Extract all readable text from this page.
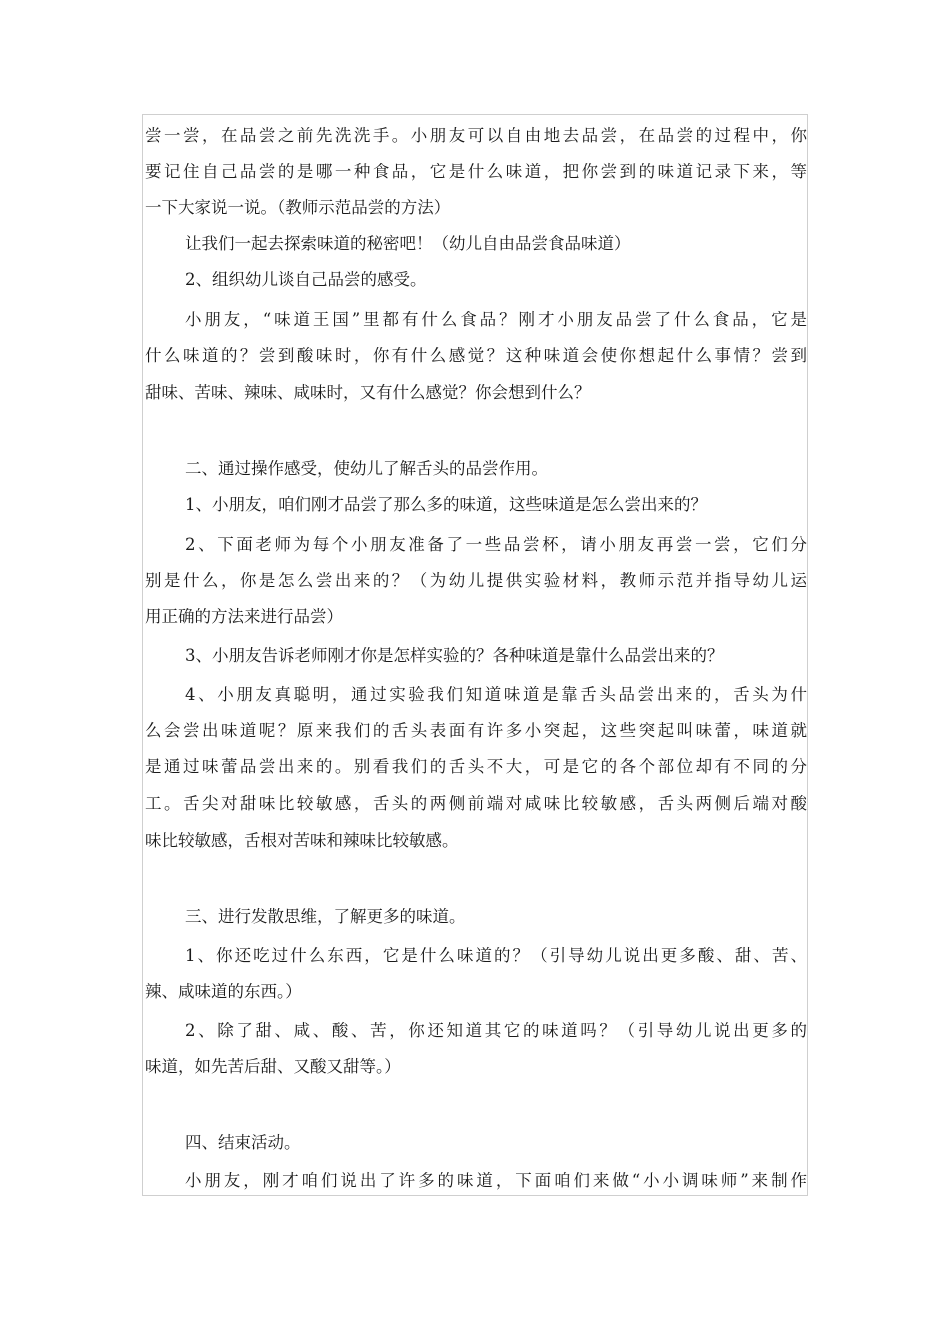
尝一尝，在品尝之前先洗洗手。小朋友可以自由地去品尝，在品尝的过程中，你
要记住自己品尝的是哪一种食品，它是什么味道，把你尝到的味道记录下来，等
一下大家说一说。（教师示范品尝的方法）
让我们一起去探索味道的秘密吧！（幼儿自由品尝食品味道）
2、组织幼儿谈自己品尝的感受。
小朋友，“味道王国”里都有什么食品？刚才小朋友品尝了什么食品，它是
什么味道的？尝到酸味时，你有什么感觉？这种味道会使你想起什么事情？尝到
甜味、苦味、辣味、咸味时，又有什么感觉？你会想到什么？
二、通过操作感受，使幼儿了解舌头的品尝作用。
1、小朋友，咱们刚才品尝了那么多的味道，这些味道是怎么尝出来的？
2、下面老师为每个小朋友准备了一些品尝杯，请小朋友再尝一尝，它们分
别是什么，你是怎么尝出来的？（为幼儿提供实验材料，教师示范并指导幼儿运
用正确的方法来进行品尝）
3、小朋友告诉老师刚才你是怎样实验的？各种味道是靠什么品尝出来的？
4、小朋友真聪明，通过实验我们知道味道是靠舌头品尝出来的，舌头为什
么会尝出味道呢？原来我们的舌头表面有许多小突起，这些突起叫味蕾，味道就
是通过味蕾品尝出来的。别看我们的舌头不大，可是它的各个部位却有不同的分
工。舌尖对甜味比较敏感，舌头的两侧前端对咸味比较敏感，舌头两侧后端对酸
味比较敏感，舌根对苦味和辣味比较敏感。
三、进行发散思维，了解更多的味道。
1、你还吃过什么东西，它是什么味道的？（引导幼儿说出更多酸、甜、苦、
辣、咸味道的东西。）
2、除了甜、咸、酸、苦，你还知道其它的味道吗？（引导幼儿说出更多的
味道，如先苦后甜、又酸又甜等。）
四、结束活动。
小朋友，刚才咱们说出了许多的味道，下面咱们来做“小小调味师”来制作
